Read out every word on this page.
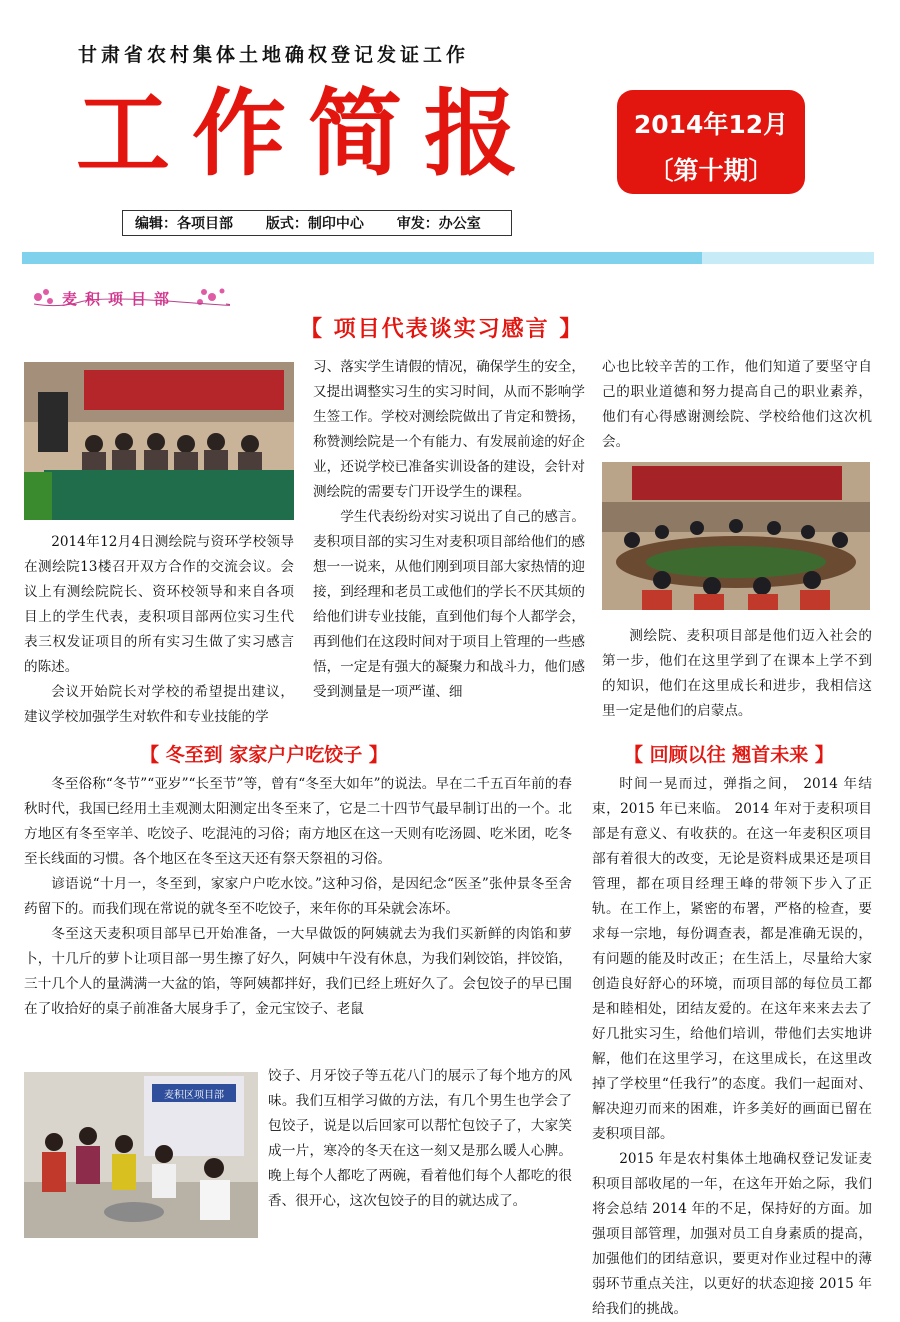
甘肃省农村集体土地确权登记发证工作
工作简报	2014年12月
〔第十期〕
编辑：各项目部 版式：制印中心 审发：办公室
麦积项目部
【 项目代表谈实习感言 】

2014年12月4日测绘院与资环学校领导在测绘院13楼召开双方合作的交流会议。会议上有测绘院院长、资环校领导和来自各项目上的学生代表，麦积项目部两位实习生代表三权发证项目的所有实习生做了实习感言的陈述。

会议开始院长对学校的希望提出建议，建议学校加强学生对软件和专业技能的学

习、落实学生请假的情况，确保学生的安全，又提出调整实习生的实习时间，从而不影响学生签工作。学校对测绘院做出了肯定和赞扬，称赞测绘院是一个有能力、有发展前途的好企业，还说学校已准备实训设备的建设，会针对测绘院的需要专门开设学生的课程。

学生代表纷纷对实习说出了自己的感言。麦积项目部的实习生对麦积项目部给他们的感想一一说来，从他们刚到项目部大家热情的迎接，到经理和老员工或他们的学长不厌其烦的给他们讲专业技能，直到他们每个人都学会，再到他们在这段时间对于项目上管理的一些感悟，一定是有强大的凝聚力和战斗力，他们感受到测量是一项严谨、细

心也比较辛苦的工作，他们知道了要坚守自己的职业道德和努力提高自己的职业素养，他们有心得感谢测绘院、学校给他们这次机会。

测绘院、麦积项目部是他们迈入社会的第一步，他们在这里学到了在课本上学不到的知识，他们在这里成长和进步，我相信这里一定是他们的启蒙点。

【 冬至到 家家户户吃饺子 】

冬至俗称“冬节”“亚岁”“长至节”等，曾有“冬至大如年”的说法。早在二千五百年前的春秋时代，我国已经用土圭观测太阳测定出冬至来了，它是二十四节气最早制订出的一个。北方地区有冬至宰羊、吃饺子、吃混沌的习俗；南方地区在这一天则有吃汤圆、吃米团，吃冬至长线面的习惯。各个地区在冬至这天还有祭天祭祖的习俗。

谚语说“十月一，冬至到，家家户户吃水饺。”这种习俗，是因纪念“医圣”张仲景冬至舍药留下的。而我们现在常说的就冬至不吃饺子，来年你的耳朵就会冻坏。

冬至这天麦积项目部早已开始准备，一大早做饭的阿姨就去为我们买新鲜的肉馅和萝卜，十几斤的萝卜让项目部一男生擦了好久，阿姨中午没有休息，为我们剁饺馅，拌饺馅，三十几个人的量满满一大盆的馅，等阿姨都拌好，我们已经上班好久了。会包饺子的早已围在了收拾好的桌子前准备大展身手了，金元宝饺子、老鼠

麦积区项目部

饺子、月牙饺子等五花八门的展示了每个地方的风味。我们互相学习做的方法，有几个男生也学会了包饺子，说是以后回家可以帮忙包饺子了，大家笑成一片，寒冷的冬天在这一刻又是那么暖人心脾。晚上每个人都吃了两碗，看着他们每个人都吃的很香、很开心，这次包饺子的目的就达成了。

【 回顾以往 翘首未来 】

时间一晃而过，弹指之间， 2014 年结束，2015 年已来临。 2014 年对于麦积项目部是有意义、有收获的。在这一年麦积区项目部有着很大的改变，无论是资料成果还是项目管理，都在项目经理王峰的带领下步入了正轨。在工作上，紧密的布署，严格的检查，要求每一宗地，每份调查表，都是准确无误的，有问题的能及时改正；在生活上，尽量给大家创造良好舒心的环境，而项目部的每位员工都是和睦相处，团结友爱的。在这年来来去去了好几批实习生，给他们培训，带他们去实地讲解，他们在这里学习，在这里成长，在这里改掉了学校里“任我行”的态度。我们一起面对、解决迎刃而来的困难，许多美好的画面已留在麦积项目部。

2015 年是农村集体土地确权登记发证麦积项目部收尾的一年，在这年开始之际，我们将会总结 2014 年的不足，保持好的方面。加强项目部管理，加强对员工自身素质的提高，加强他们的团结意识，要更对作业过程中的薄弱环节重点关注，以更好的状态迎接 2015 年给我们的挑战。
